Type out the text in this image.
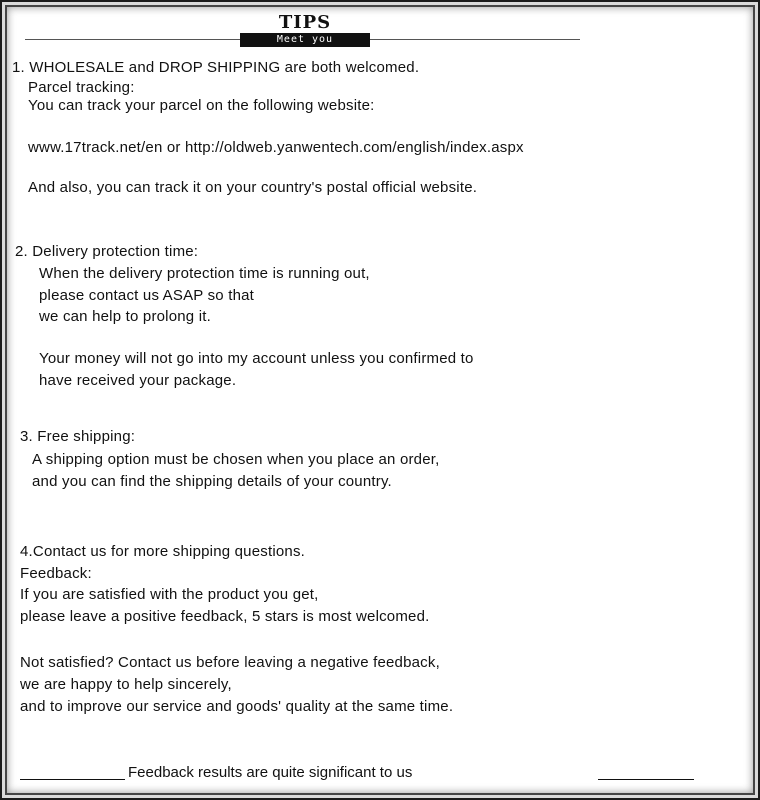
TIPS
Meet you
1. WHOLESALE and DROP SHIPPING are both welcomed.
Parcel tracking:
You can track your parcel on the following website:
www.17track.net/en or http://oldweb.yanwentech.com/english/index.aspx
And also, you can track it on your country's postal official website.
2. Delivery protection time:
When the delivery protection time is running out,
please contact us ASAP so that
we can help to prolong it.
Your money will not go into my account unless you confirmed to
have received your package.
3. Free shipping:
A shipping option must be chosen when you place an order,
and you can find the shipping details of your country.
4.Contact us for more shipping questions.
Feedback:
If you are satisfied with the product you get,
please leave a positive feedback, 5 stars is most welcomed.
Not satisfied? Contact us before leaving a negative feedback,
we are happy to help sincerely,
and to improve our service and goods' quality at the same time.
Feedback results are quite significant to us
